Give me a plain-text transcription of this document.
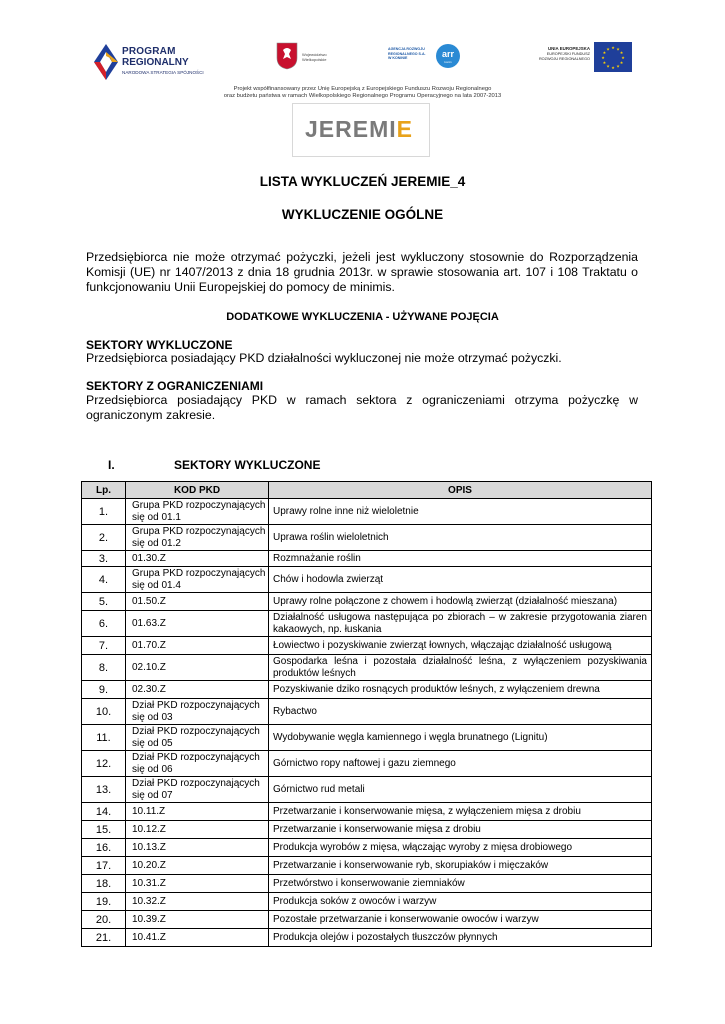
PROGRAM
REGIONALNY
NARODOWA STRATEGIA SPÓJNOŚCI
Województwo
Wielkopolskie
AGENCJA ROZWOJU
REGIONALNEGO S.A.
W KONINIE	arr
konin
UNIA EUROPEJSKA
EUROPEJSKI FUNDUSZ
ROZWOJU REGIONALNEGO
★ ★
★
★
★
★
★
★
★
★
★
★
Projekt współfinansowany przez Unię Europejską z Europejskiego Funduszu Rozwoju Regionalnego
oraz budżetu państwa w ramach Wielkopolskiego Regionalnego Programu Operacyjnego na lata 2007-2013
JEREMIE
LISTA WYKLUCZEŃ JEREMIE_4
WYKLUCZENIE OGÓLNE
Przedsiębiorca nie może otrzymać pożyczki, jeżeli jest wykluczony stosownie do Rozporządzenia Komisji (UE) nr 1407/2013 z dnia 18 grudnia 2013r. w sprawie stosowania art. 107 i 108 Traktatu o funkcjonowaniu Unii Europejskiej do pomocy de minimis.
DODATKOWE WYKLUCZENIA - UŻYWANE POJĘCIA
SEKTORY WYKLUCZONE
Przedsiębiorca posiadający PKD działalności wykluczonej nie może otrzymać pożyczki.
SEKTORY Z OGRANICZENIAMI
Przedsiębiorca posiadający PKD w ramach sektora z ograniczeniami otrzyma pożyczkę w ograniczonym zakresie.
I.	SEKTORY WYKLUCZONE
Lp.	KOD PKD	OPIS
1.	Grupa PKD rozpoczynających się od 01.1	Uprawy rolne inne niż wieloletnie
2.	Grupa PKD rozpoczynających się od 01.2	Uprawa roślin wieloletnich
3.	01.30.Z	Rozmnażanie roślin
4.	Grupa PKD rozpoczynających się od 01.4	Chów i hodowla zwierząt
5.	01.50.Z	Uprawy rolne połączone z chowem i hodowlą zwierząt (działalność mieszana)
6.	01.63.Z	Działalność usługowa następująca po zbiorach – w zakresie przygotowania ziaren kakaowych, np. łuskania
7.	01.70.Z	Łowiectwo i pozyskiwanie zwierząt łownych, włączając działalność usługową
8.	02.10.Z	Gospodarka leśna i pozostała działalność leśna, z wyłączeniem pozyskiwania produktów leśnych
9.	02.30.Z	Pozyskiwanie dziko rosnących produktów leśnych, z wyłączeniem drewna
10.	Dział PKD rozpoczynających się od 03	Rybactwo
11.	Dział PKD rozpoczynających się od 05	Wydobywanie węgla kamiennego i węgla brunatnego (Lignitu)
12.	Dział PKD rozpoczynających się od 06	Górnictwo ropy naftowej i gazu ziemnego
13.	Dział PKD rozpoczynających się od 07	Górnictwo rud metali
14.	10.11.Z	Przetwarzanie i konserwowanie mięsa, z wyłączeniem mięsa z drobiu
15.	10.12.Z	Przetwarzanie i konserwowanie mięsa z drobiu
16.	10.13.Z	Produkcja wyrobów z mięsa, włączając wyroby z mięsa drobiowego
17.	10.20.Z	Przetwarzanie i konserwowanie ryb, skorupiaków i mięczaków
18.	10.31.Z	Przetwórstwo i konserwowanie ziemniaków
19.	10.32.Z	Produkcja soków z owoców i warzyw
20.	10.39.Z	Pozostałe przetwarzanie i konserwowanie owoców i warzyw
21.	10.41.Z	Produkcja olejów i pozostałych tłuszczów płynnych
